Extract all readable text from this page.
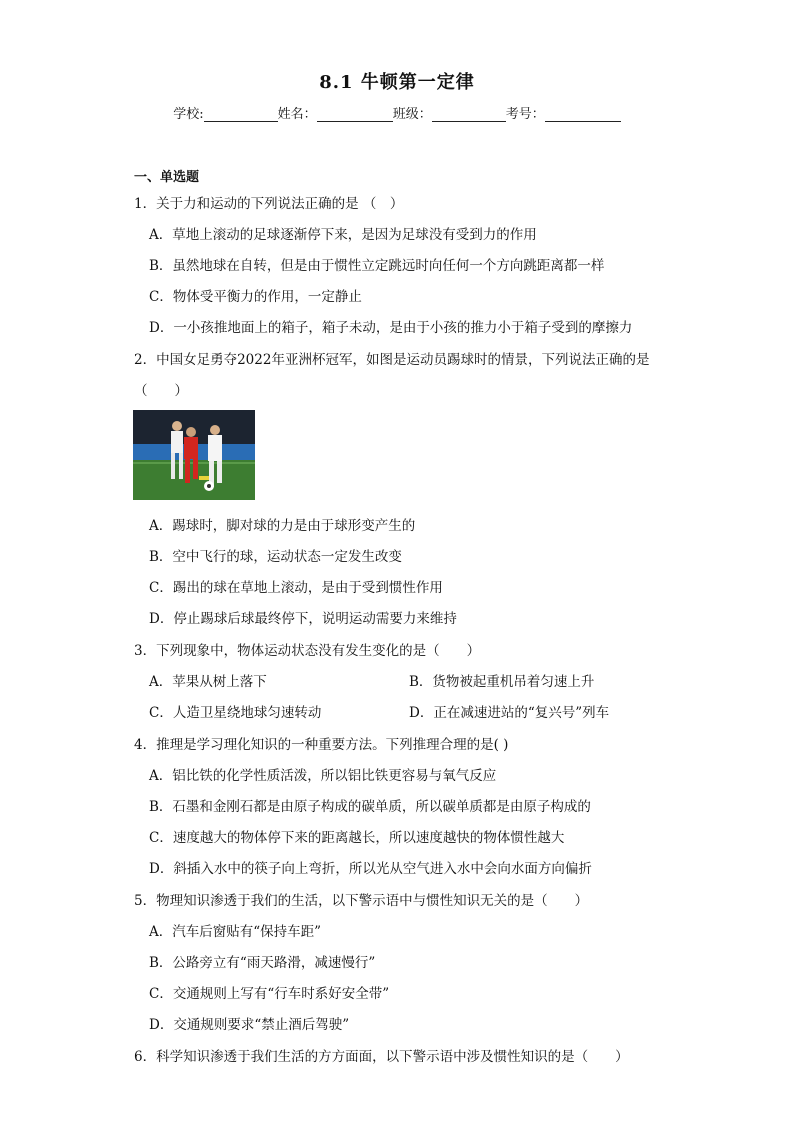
8.1 牛顿第一定律
学校:	姓名：	班级：	考号：
一、单选题
1．关于力和运动的下列说法正确的是 （　）
A．草地上滚动的足球逐渐停下来，是因为足球没有受到力的作用
B．虽然地球在自转，但是由于惯性立定跳远时向任何一个方向跳距离都一样
C．物体受平衡力的作用，一定静止
D．一小孩推地面上的箱子，箱子未动，是由于小孩的推力小于箱子受到的摩擦力
2．中国女足勇夺2022年亚洲杯冠军，如图是运动员踢球时的情景，下列说法正确的是
（　　）
A．踢球时，脚对球的力是由于球形变产生的
B．空中飞行的球，运动状态一定发生改变
C．踢出的球在草地上滚动，是由于受到惯性作用
D．停止踢球后球最终停下，说明运动需要力来维持
3．下列现象中，物体运动状态没有发生变化的是（　　）
A．苹果从树上落下	B．货物被起重机吊着匀速上升
C．人造卫星绕地球匀速转动	D．正在减速进站的“复兴号”列车
4．推理是学习理化知识的一种重要方法。下列推理合理的是( )
A．铝比铁的化学性质活泼，所以铝比铁更容易与氧气反应
B．石墨和金刚石都是由原子构成的碳单质，所以碳单质都是由原子构成的
C．速度越大的物体停下来的距离越长，所以速度越快的物体惯性越大
D．斜插入水中的筷子向上弯折，所以光从空气进入水中会向水面方向偏折
5．物理知识渗透于我们的生活，以下警示语中与惯性知识无关的是（　　）
A．汽车后窗贴有“保持车距”
B．公路旁立有“雨天路滑，减速慢行”
C．交通规则上写有“行车时系好安全带”
D．交通规则要求“禁止酒后驾驶”
6．科学知识渗透于我们生活的方方面面，以下警示语中涉及惯性知识的是（　　）
